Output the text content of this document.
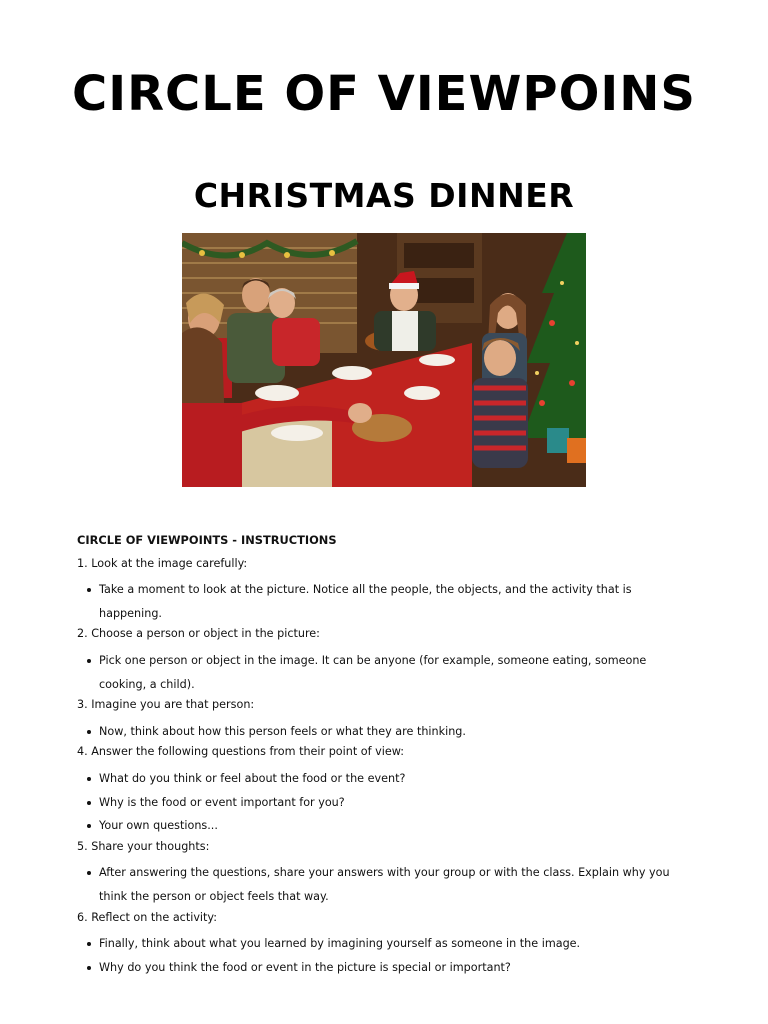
CIRCLE OF VIEWPOINS
CHRISTMAS DINNER
CIRCLE OF VIEWPOINTS - INSTRUCTIONS
1. Look at the image carefully:
Take a moment to look at the picture. Notice all the people, the objects, and the activity that is happening.
2. Choose a person or object in the picture:
Pick one person or object in the image. It can be anyone (for example, someone eating, someone cooking, a child).
3. Imagine you are that person:
Now, think about how this person feels or what they are thinking.
4. Answer the following questions from their point of view:
What do you think or feel about the food or the event?
Why is the food or event important for you?
Your own questions...
5. Share your thoughts:
After answering the questions, share your answers with your group or with the class. Explain why you think the person or object feels that way.
6. Reflect on the activity:
Finally, think about what you learned by imagining yourself as someone in the image.
Why do you think the food or event in the picture is special or important?
